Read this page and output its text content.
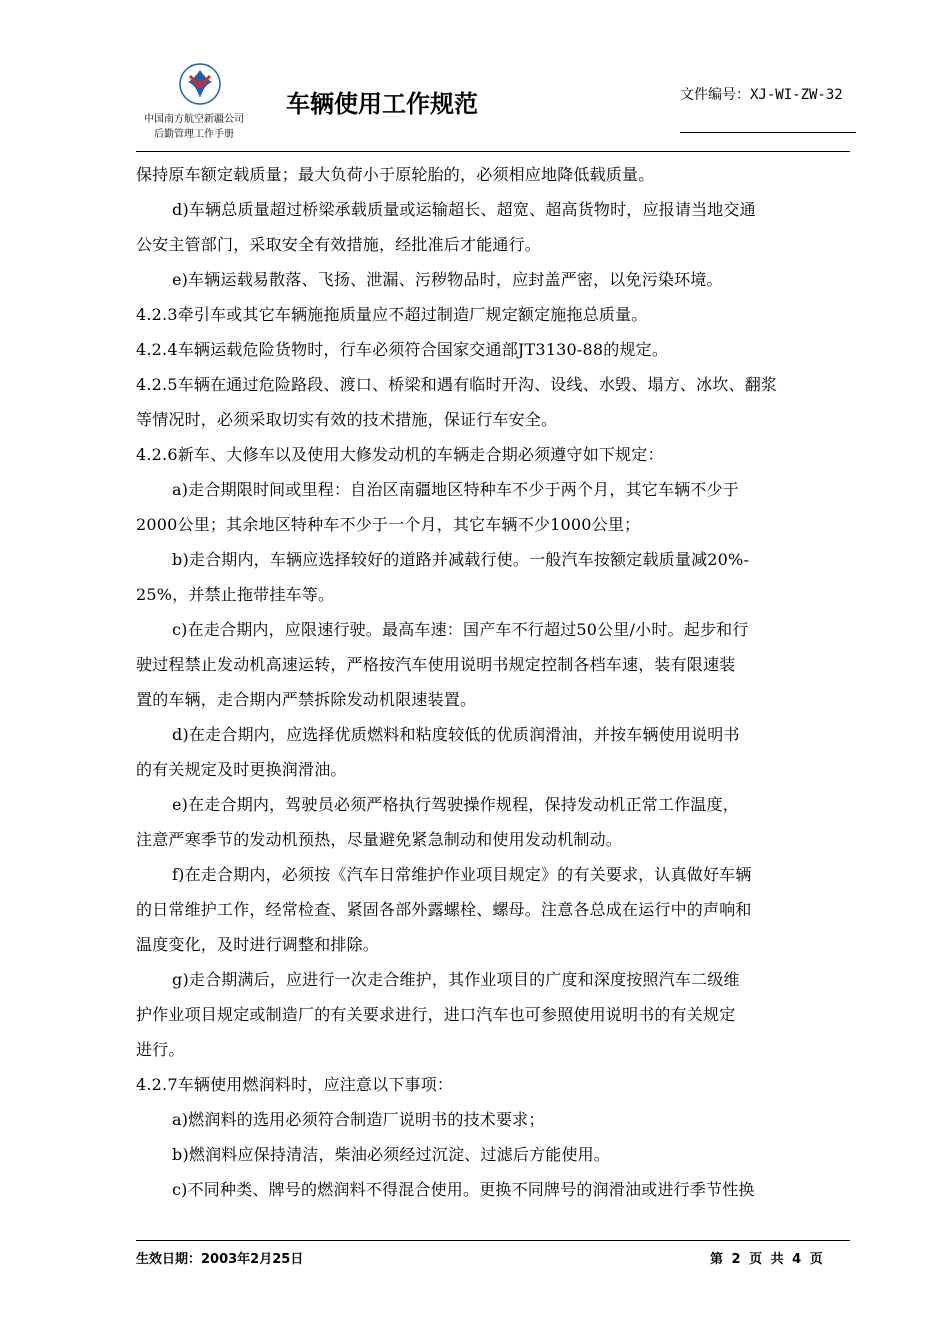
中国南方航空新疆公司
后勤管理工作手册
车辆使用工作规范	文件编号：XJ-WI-ZW-32
保持原车额定载质量；最大负荷小于原轮胎的，必须相应地降低载质量。
d)车辆总质量超过桥梁承载质量或运输超长、超宽、超高货物时，应报请当地交通
公安主管部门，采取安全有效措施，经批准后才能通行。
e)车辆运载易散落、飞扬、泄漏、污秽物品时，应封盖严密，以免污染环境。
4.2.3牵引车或其它车辆施拖质量应不超过制造厂规定额定施拖总质量。
4.2.4车辆运载危险货物时，行车必须符合国家交通部JT3130-88的规定。
4.2.5车辆在通过危险路段、渡口、桥梁和遇有临时开沟、设线、水毁、塌方、冰坎、翻浆
等情况时，必须采取切实有效的技术措施，保证行车安全。
4.2.6新车、大修车以及使用大修发动机的车辆走合期必须遵守如下规定：
a)走合期限时间或里程：自治区南疆地区特种车不少于两个月，其它车辆不少于
2000公里；其余地区特种车不少于一个月，其它车辆不少1000公里；
b)走合期内，车辆应选择较好的道路并减载行使。一般汽车按额定载质量减20%-
25%，并禁止拖带挂车等。
c)在走合期内，应限速行驶。最高车速：国产车不行超过50公里/小时。起步和行
驶过程禁止发动机高速运转，严格按汽车使用说明书规定控制各档车速，装有限速装
置的车辆，走合期内严禁拆除发动机限速装置。
d)在走合期内，应选择优质燃料和粘度较低的优质润滑油，并按车辆使用说明书
的有关规定及时更换润滑油。
e)在走合期内，驾驶员必须严格执行驾驶操作规程，保持发动机正常工作温度，
注意严寒季节的发动机预热，尽量避免紧急制动和使用发动机制动。
f)在走合期内，必须按《汽车日常维护作业项目规定》的有关要求，认真做好车辆
的日常维护工作，经常检查、紧固各部外露螺栓、螺母。注意各总成在运行中的声响和
温度变化，及时进行调整和排除。
g)走合期满后，应进行一次走合维护，其作业项目的广度和深度按照汽车二级维
护作业项目规定或制造厂的有关要求进行，进口汽车也可参照使用说明书的有关规定
进行。
4.2.7车辆使用燃润料时，应注意以下事项：
a)燃润料的选用必须符合制造厂说明书的技术要求；
b)燃润料应保持清洁，柴油必须经过沉淀、过滤后方能使用。
c)不同种类、牌号的燃润料不得混合使用。更换不同牌号的润滑油或进行季节性换
生效日期：2003年2月25日	第 2 页 共 4 页
